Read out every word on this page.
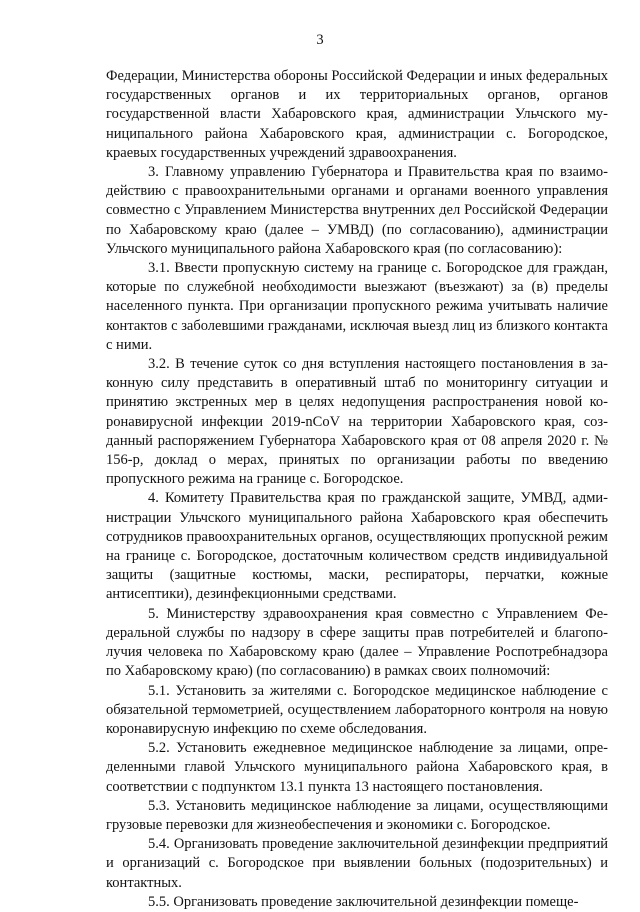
3

Федерации, Министерства обороны Российской Федерации и иных федеральных государственных органов и их территориальных органов, органов государственной власти Хабаровского края, администрации Ульчского муниципального района Хабаровского края, администрации с. Богородское, краевых государственных учреждений здравоохранения.

3. Главному управлению Губернатора и Правительства края по взаимодействию с правоохранительными органами и органами военного управления совместно с Управлением Министерства внутренних дел Российской Федерации по Хабаровскому краю (далее – УМВД) (по согласованию), администрации Ульчского муниципального района Хабаровского края (по согласованию):

3.1. Ввести пропускную систему на границе с. Богородское для граждан, которые по служебной необходимости выезжают (въезжают) за (в) пределы населенного пункта. При организации пропускного режима учитывать наличие контактов с заболевшими гражданами, исключая выезд лиц из близкого контакта с ними.

3.2. В течение суток со дня вступления настоящего постановления в законную силу представить в оперативный штаб по мониторингу ситуации и принятию экстренных мер в целях недопущения распространения новой коронавирусной инфекции 2019-nCoV на территории Хабаровского края, созданный распоряжением Губернатора Хабаровского края от 08 апреля 2020 г. № 156-р, доклад о мерах, принятых по организации работы по введению пропускного режима на границе с. Богородское.

4. Комитету Правительства края по гражданской защите, УМВД, администрации Ульчского муниципального района Хабаровского края обеспечить сотрудников правоохранительных органов, осуществляющих пропускной режим на границе с. Богородское, достаточным количеством средств индивидуальной защиты (защитные костюмы, маски, респираторы, перчатки, кожные антисептики), дезинфекционными средствами.

5. Министерству здравоохранения края совместно с Управлением Федеральной службы по надзору в сфере защиты прав потребителей и благополучия человека по Хабаровскому краю (далее – Управление Роспотребнадзора по Хабаровскому краю) (по согласованию) в рамках своих полномочий:

5.1. Установить за жителями с. Богородское медицинское наблюдение с обязательной термометрией, осуществлением лабораторного контроля на новую коронавирусную инфекцию по схеме обследования.

5.2. Установить ежедневное медицинское наблюдение за лицами, определенными главой Ульчского муниципального района Хабаровского края, в соответствии с подпунктом 13.1 пункта 13 настоящего постановления.

5.3. Установить медицинское наблюдение за лицами, осуществляющими грузовые перевозки для жизнеобеспечения и экономики с. Богородское.

5.4. Организовать проведение заключительной дезинфекции предприятий и организаций с. Богородское при выявлении больных (подозрительных) и контактных.

5.5. Организовать проведение заключительной дезинфекции помеще-
